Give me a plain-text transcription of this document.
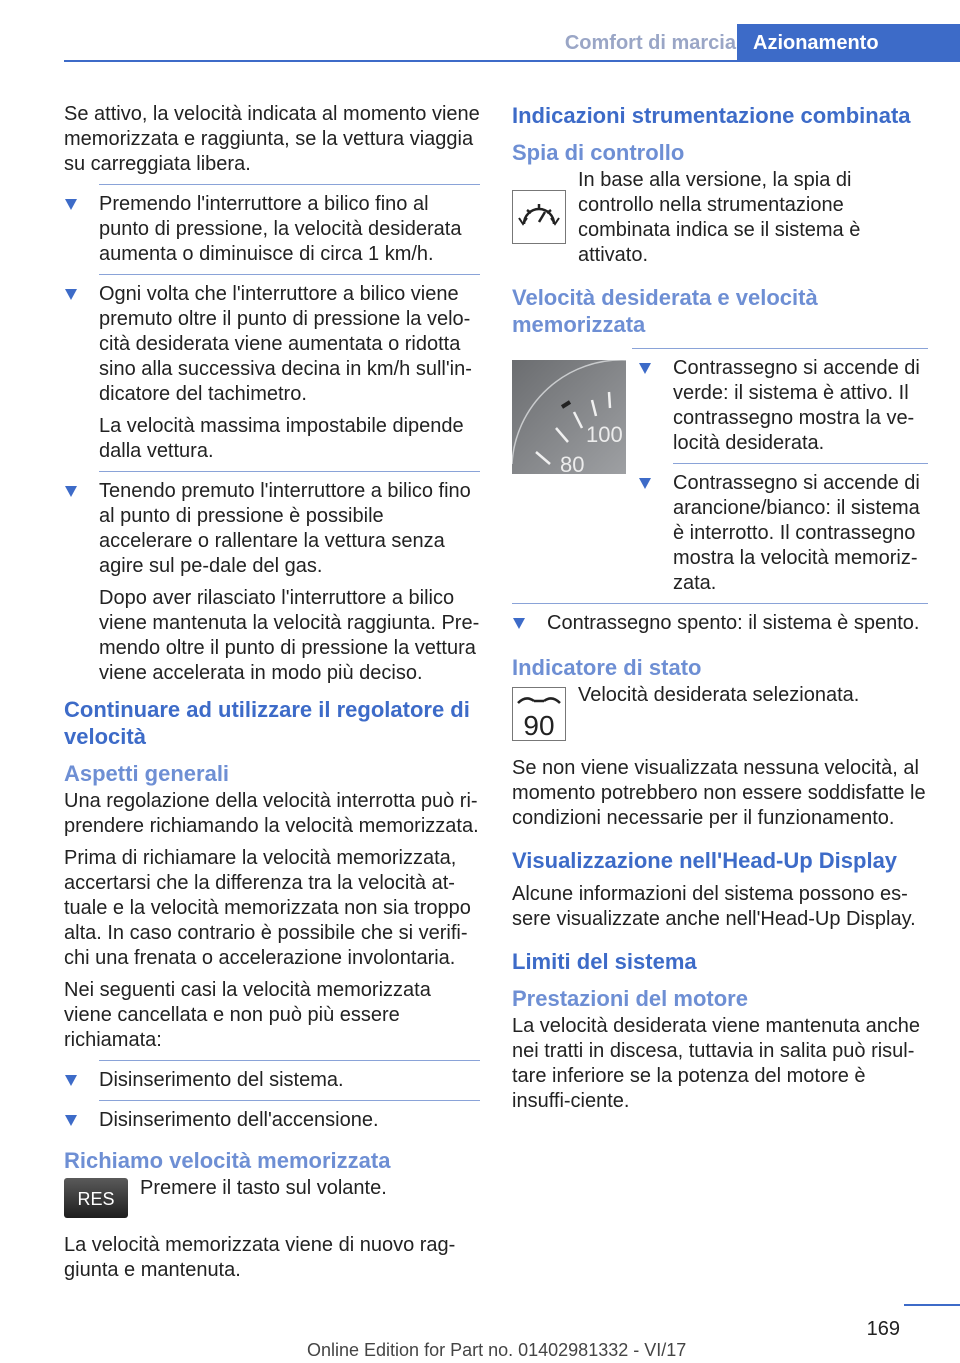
Comfort di marcia Azionamento

Se attivo, la velocità indicata al momento viene memorizzata e raggiunta, se la vettura viaggia su carreggiata libera.

Premendo l'interruttore a bilico fino al punto di pressione, la velocità desiderata aumenta o diminuisce di circa 1 km/h.
Ogni volta che l'interruttore a bilico viene premuto oltre il punto di pressione la velo‐cità desiderata viene aumentata o ridotta sino alla successiva decina in km/h sull'in‐dicatore del tachimetro.
La velocità massima impostabile dipende dalla vettura.
Tenendo premuto l'interruttore a bilico fino al punto di pressione è possibile accelerare o rallentare la vettura senza agire sul pe‐dale del gas.
Dopo aver rilasciato l'interruttore a bilico viene mantenuta la velocità raggiunta. Pre‐mendo oltre il punto di pressione la vettura viene accelerata in modo più deciso.
Continuare ad utilizzare il regolatore di velocità
Aspetti generali

Una regolazione della velocità interrotta può ri‐prendere richiamando la velocità memorizzata.

Prima di richiamare la velocità memorizzata, accertarsi che la differenza tra la velocità at‐tuale e la velocità memorizzata non sia troppo alta. In caso contrario è possibile che si verifi‐chi una frenata o accelerazione involontaria.

Nei seguenti casi la velocità memorizzata viene cancellata e non può più essere richiamata:

Disinserimento del sistema.
Disinserimento dell'accensione.
Richiamo velocità memorizzata
RES Premere il tasto sul volante.

La velocità memorizzata viene di nuovo rag‐giunta e mantenuta.

Indicazioni strumentazione combinata
Spia di controllo
In base alla versione, la spia di controllo nella strumentazione combinata indica se il sistema è attivato.
Velocità desiderata e velocità memorizzata
100
80
Contrassegno si accende di verde: il sistema è attivo. Il contrassegno mostra la ve‐locità desiderata.
Contrassegno si accende di arancione/bianco: il sistema è interrotto. Il contrassegno mostra la velocità memoriz‐zata.
Contrassegno spento: il sistema è spento.
Indicatore di stato
90
Velocità desiderata selezionata.

Se non viene visualizzata nessuna velocità, al momento potrebbero non essere soddisfatte le condizioni necessarie per il funzionamento.

Visualizzazione nell'Head-Up Display

Alcune informazioni del sistema possono es‐sere visualizzate anche nell'Head-Up Display.

Limiti del sistema
Prestazioni del motore

La velocità desiderata viene mantenuta anche nei tratti in discesa, tuttavia in salita può risul‐tare inferiore se la potenza del motore è insuffi‐ciente.

169
Online Edition for Part no. 01402981332 - VI/17
